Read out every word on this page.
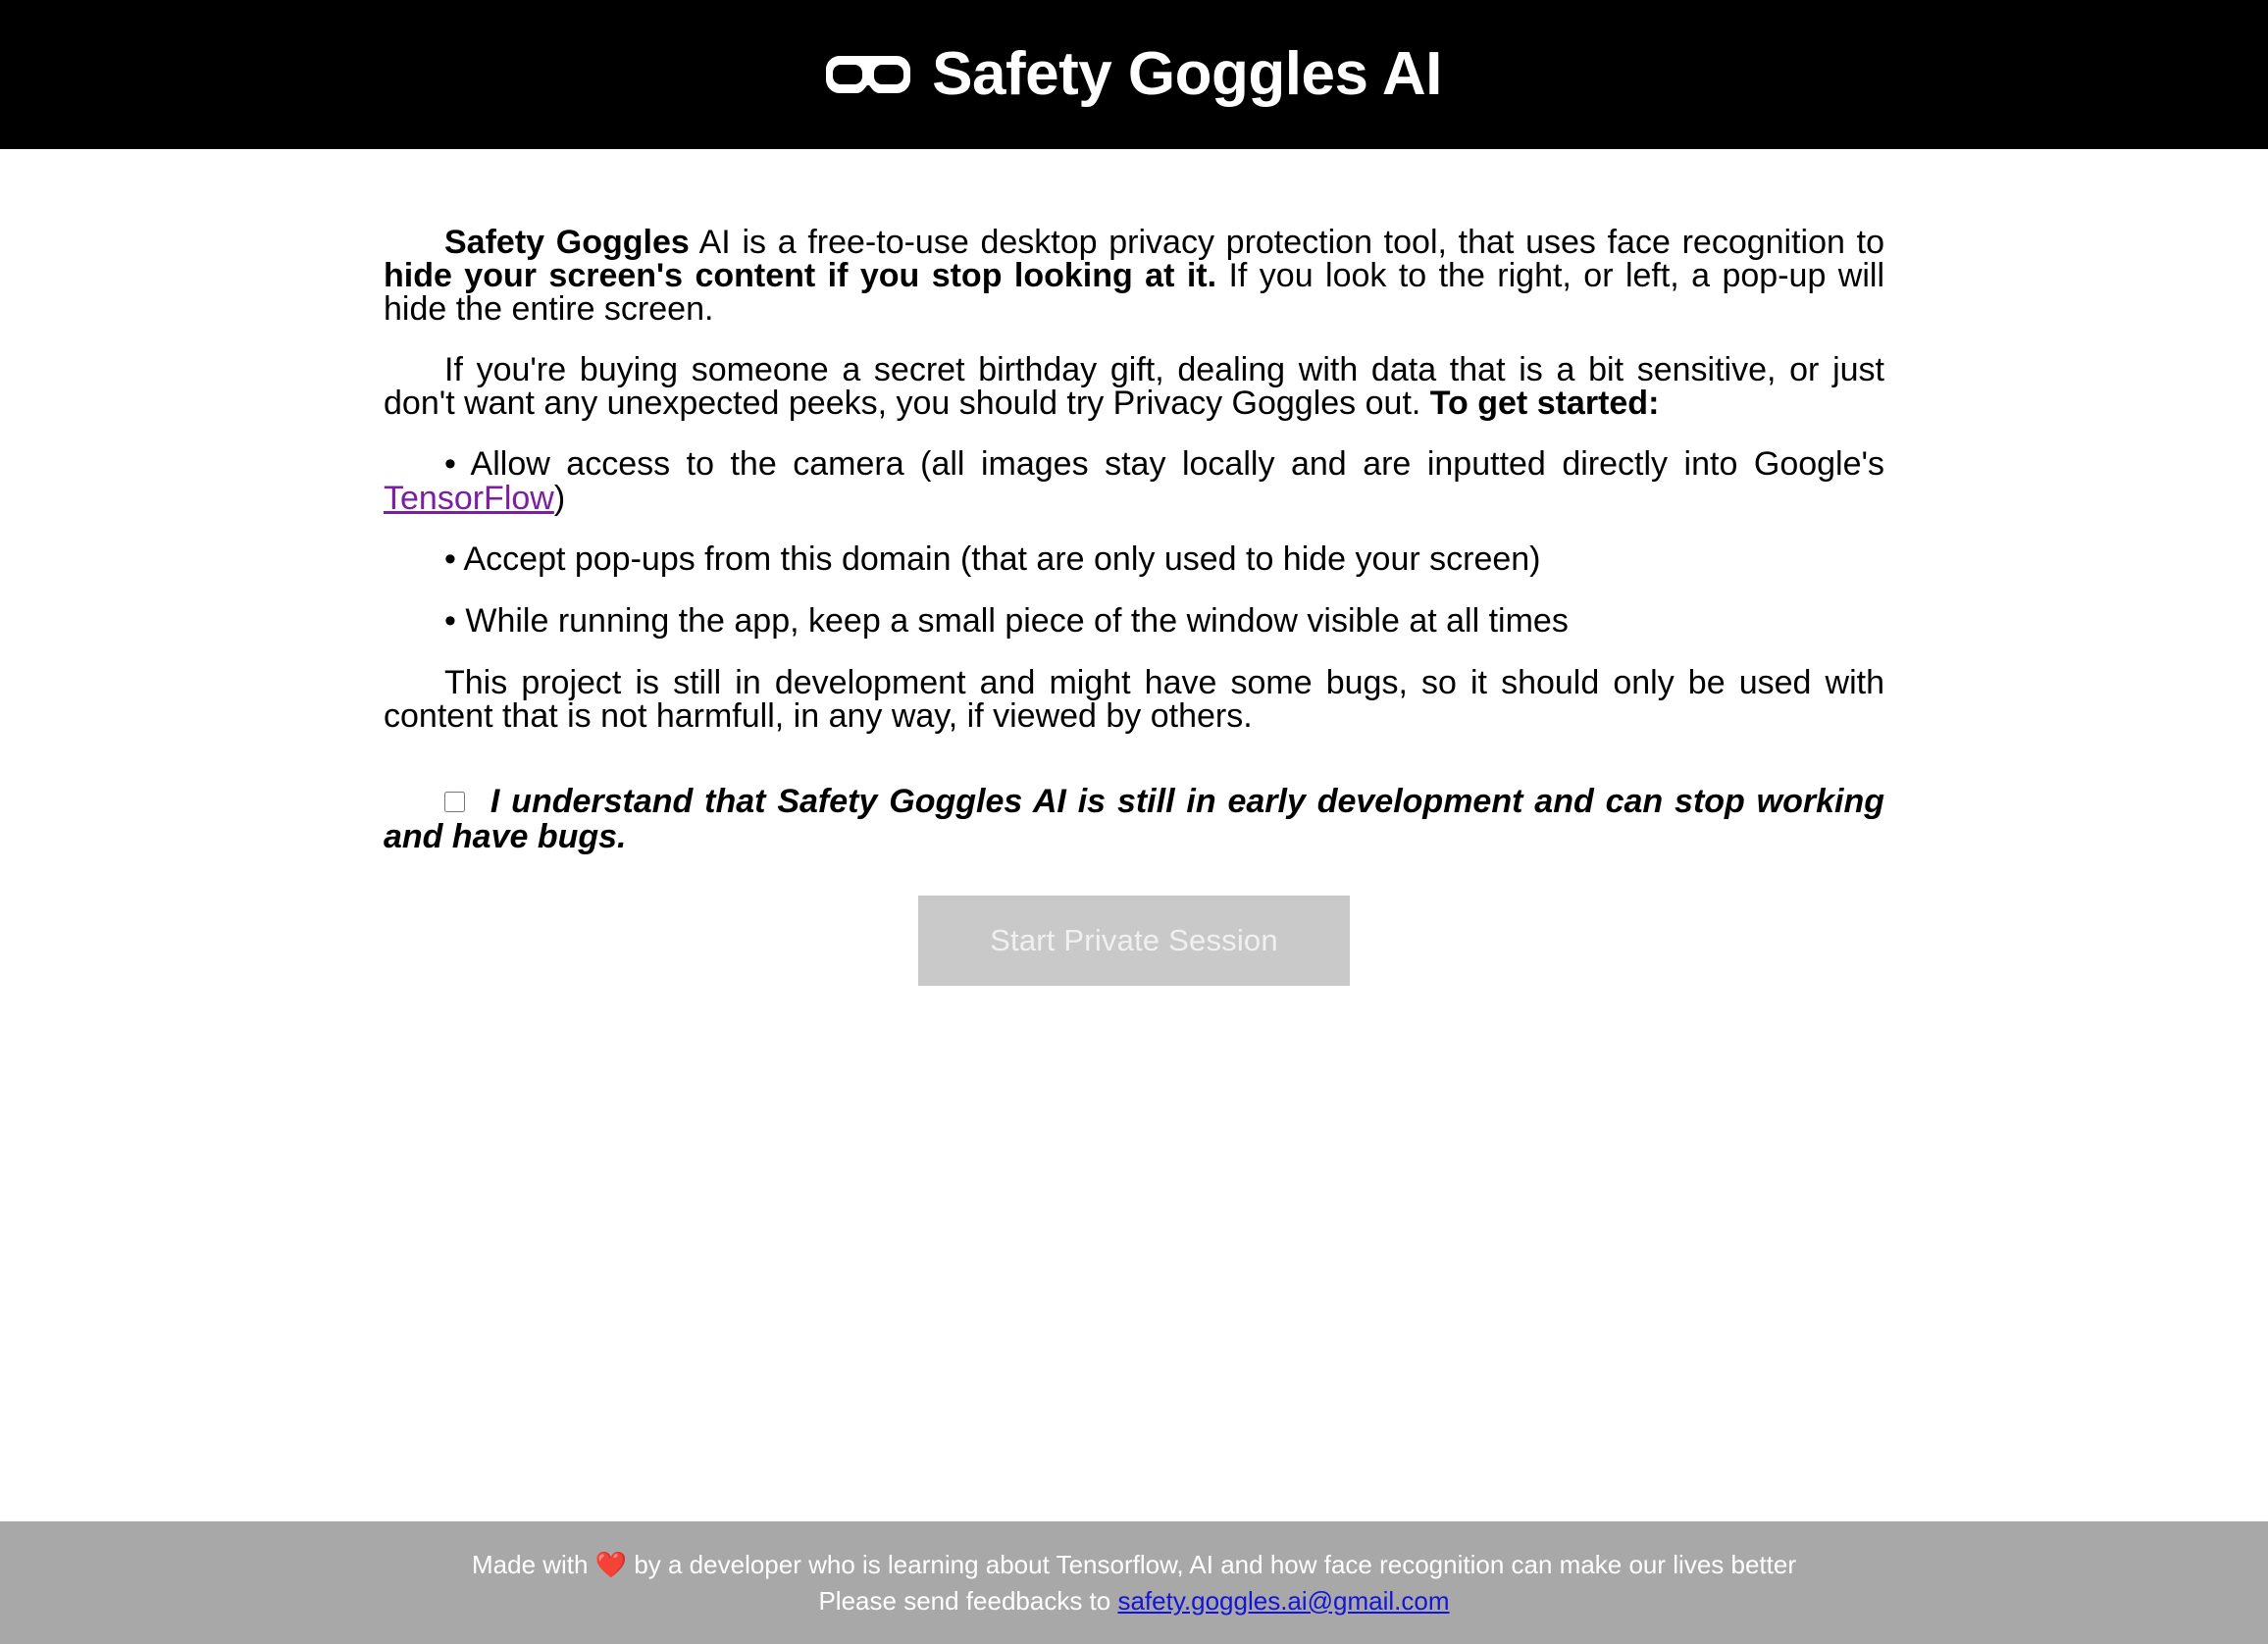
Safety Goggles AI

Safety Goggles AI is a free-to-use desktop privacy protection tool, that uses face recognition to hide your screen's content if you stop looking at it. If you look to the right, or left, a pop-up will hide the entire screen.

If you're buying someone a secret birthday gift, dealing with data that is a bit sensitive, or just don't want any unexpected peeks, you should try Privacy Goggles out. To get started:

• Allow access to the camera (all images stay locally and are inputted directly into Google's TensorFlow)

• Accept pop-ups from this domain (that are only used to hide your screen)

• While running the app, keep a small piece of the window visible at all times

This project is still in development and might have some bugs, so it should only be used with content that is not harmfull, in any way, if viewed by others.

I understand that Safety Goggles AI is still in early development and can stop working and have bugs.
Start Private Session
Made with ❤️ by a developer who is learning about Tensorflow, AI and how face recognition can make our lives better
Please send feedbacks to safety.goggles.ai@gmail.com
